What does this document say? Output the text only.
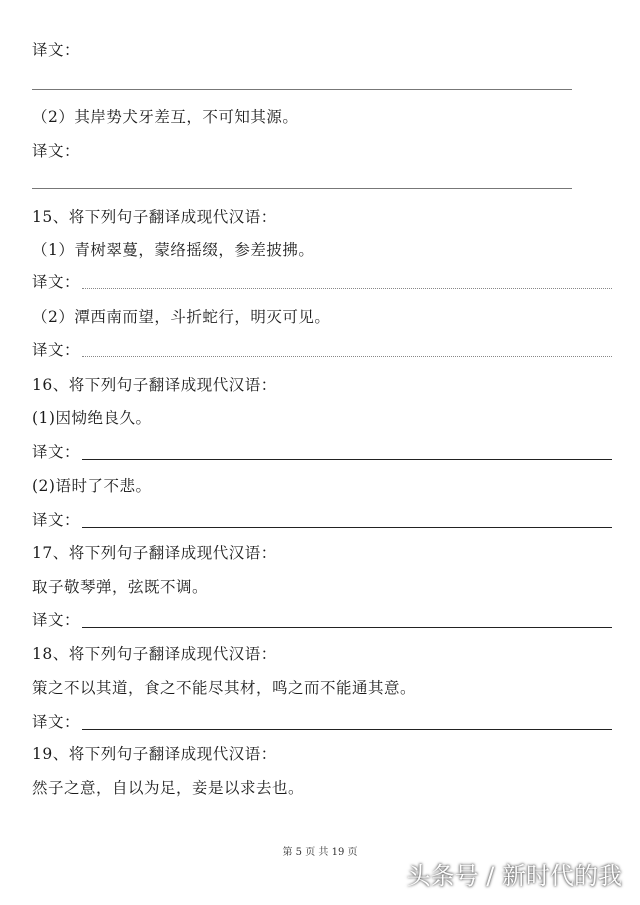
译文：
（2）其岸势犬牙差互，不可知其源。
译文：
15、将下列句子翻译成现代汉语：
（1）青树翠蔓，蒙络摇缀，参差披拂。
译文：
（2）潭西南而望，斗折蛇行，明灭可见。
译文：
16、将下列句子翻译成现代汉语：
(1)因恸绝良久。
译文：
(2)语时了不悲。
译文：
17、将下列句子翻译成现代汉语：
取子敬琴弹，弦既不调。
译文：
18、将下列句子翻译成现代汉语：
策之不以其道，食之不能尽其材，鸣之而不能通其意。
译文：
19、将下列句子翻译成现代汉语：
然子之意，自以为足，妾是以求去也。
第 5 页 共 19 页
头条号 / 新时代的我
